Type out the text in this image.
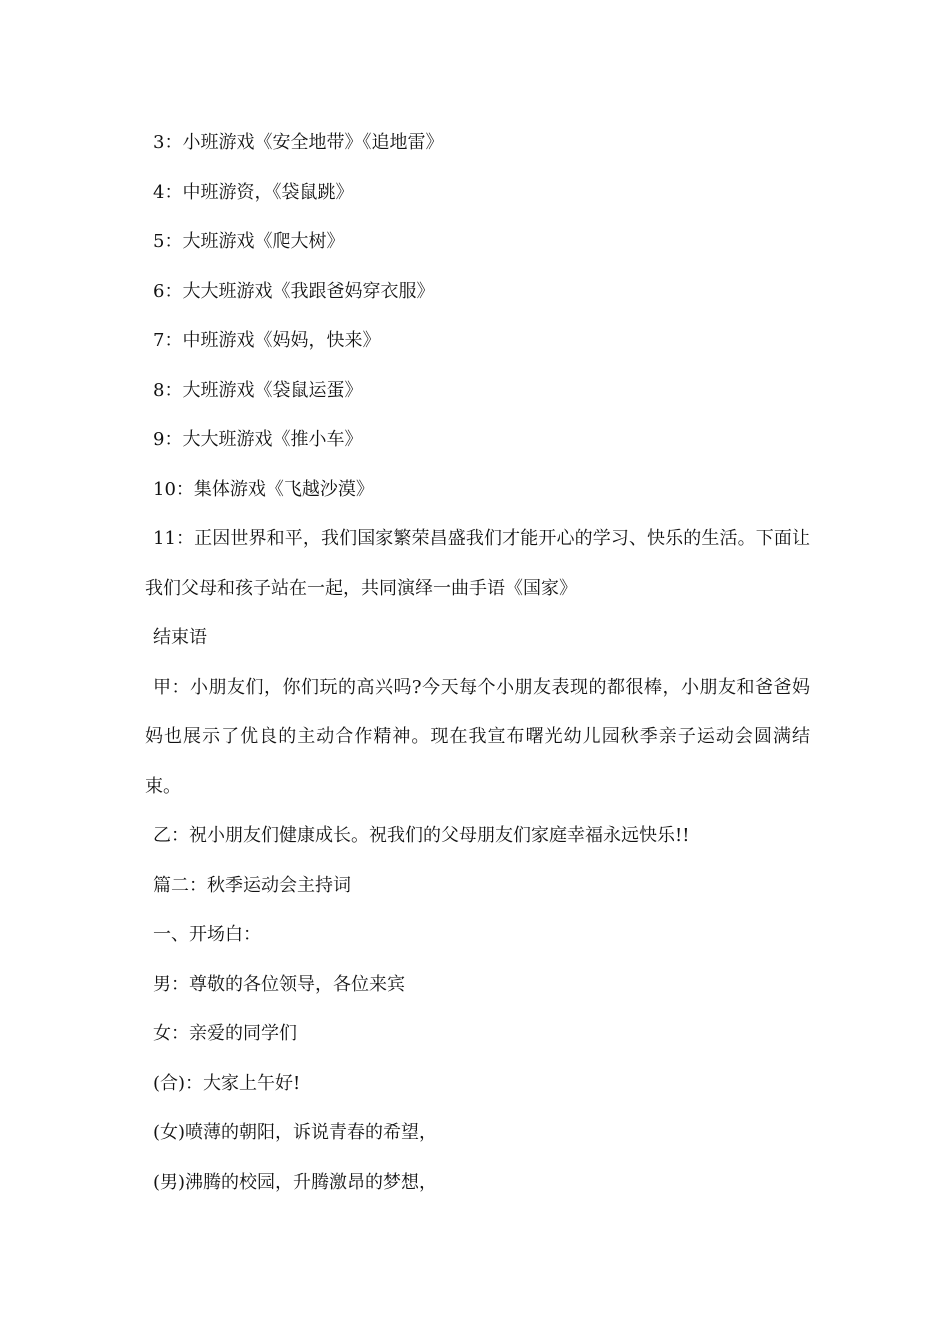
3：小班游戏《安全地带》《追地雷》

4：中班游资，《袋鼠跳》

5：大班游戏《爬大树》

6：大大班游戏《我跟爸妈穿衣服》

7：中班游戏《妈妈，快来》

8：大班游戏《袋鼠运蛋》

9：大大班游戏《推小车》

10：集体游戏《飞越沙漠》

11：正因世界和平，我们国家繁荣昌盛我们才能开心的学习、快乐的生活。下面让我们父母和孩子站在一起，共同演绎一曲手语《国家》

结束语

甲：小朋友们，你们玩的高兴吗?今天每个小朋友表现的都很棒，小朋友和爸爸妈妈也展示了优良的主动合作精神。现在我宣布曙光幼儿园秋季亲子运动会圆满结束。

乙：祝小朋友们健康成长。祝我们的父母朋友们家庭幸福永远快乐!!

篇二：秋季运动会主持词

一、开场白：

男：尊敬的各位领导，各位来宾

女：亲爱的同学们

(合)：大家上午好!

(女)喷薄的朝阳，诉说青春的希望，

(男)沸腾的校园，升腾激昂的梦想，
